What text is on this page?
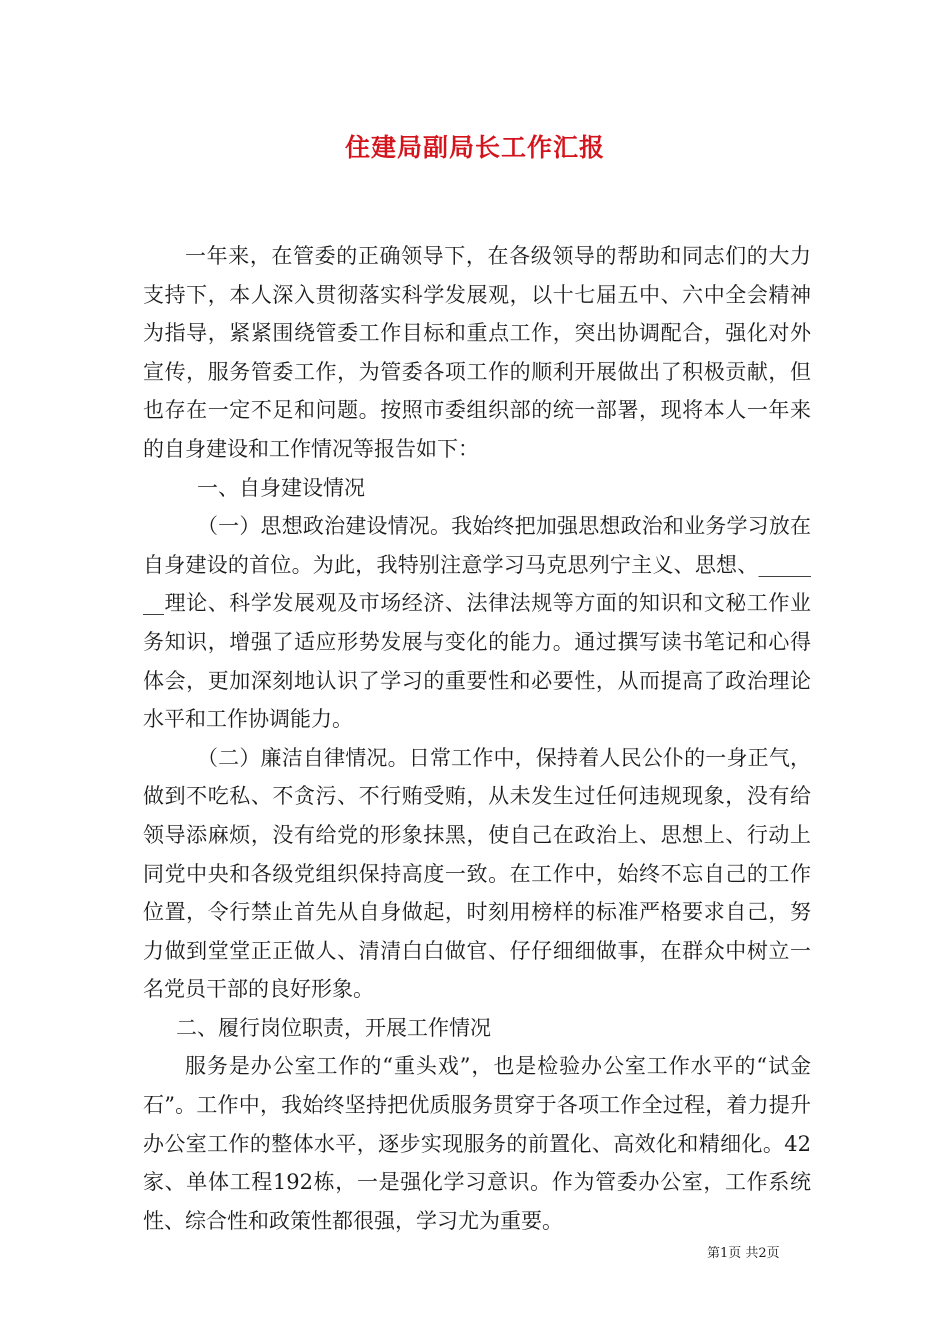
住建局副局长工作汇报

一年来，在管委的正确领导下，在各级领导的帮助和同志们的大力支持下，本人深入贯彻落实科学发展观，以十七届五中、六中全会精神为指导，紧紧围绕管委工作目标和重点工作，突出协调配合，强化对外宣传，服务管委工作，为管委各项工作的顺利开展做出了积极贡献，但也存在一定不足和问题。按照市委组织部的统一部署，现将本人一年来的自身建设和工作情况等报告如下：

一、自身建设情况

（一）思想政治建设情况。我始终把加强思想政治和业务学习放在自身建设的首位。为此，我特别注意学习马克思列宁主义、思想、_______理论、科学发展观及市场经济、法律法规等方面的知识和文秘工作业务知识，增强了适应形势发展与变化的能力。通过撰写读书笔记和心得体会，更加深刻地认识了学习的重要性和必要性，从而提高了政治理论水平和工作协调能力。

（二）廉洁自律情况。日常工作中，保持着人民公仆的一身正气，做到不吃私、不贪污、不行贿受贿，从未发生过任何违规现象，没有给领导添麻烦，没有给党的形象抹黑，使自己在政治上、思想上、行动上同党中央和各级党组织保持高度一致。在工作中，始终不忘自己的工作位置，令行禁止首先从自身做起，时刻用榜样的标准严格要求自己，努力做到堂堂正正做人、清清白白做官、仔仔细细做事，在群众中树立一名党员干部的良好形象。

二、履行岗位职责，开展工作情况

服务是办公室工作的“重头戏”，也是检验办公室工作水平的“试金石”。工作中，我始终坚持把优质服务贯穿于各项工作全过程，着力提升办公室工作的整体水平，逐步实现服务的前置化、高效化和精细化。42家、单体工程192栋，一是强化学习意识。作为管委办公室，工作系统性、综合性和政策性都很强，学习尤为重要。

第1页 共2页
